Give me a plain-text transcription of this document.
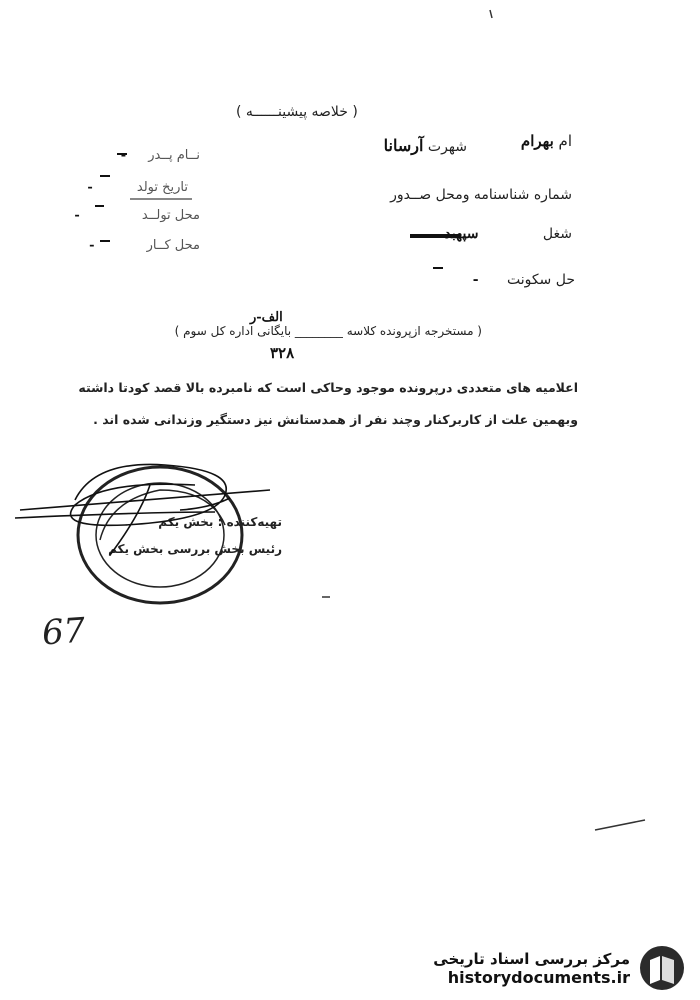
( خلاصه پیشینــــــه )
ام بهرام
شهرت آرسانا
شماره شناسنامه ومحل صــدور
شغل سپهبد
حل سکونت -
نــام پــدر -
تاریخ تولد -
محل تولــد -
محل کــار -
( مستخرجه ازپرونده کلاسه ________ بایگانی اداره کل سوم )
الف-ر
۳۲۸
اعلامیه های متعددی درپرونده موجود وحاکی است که نامبرده بالا قصد کودتا داشته
وبهمین علت از کاربرکنار وچند نفر از همدستانش نیز دستگیر وزندانی شده اند .
تهیه‌کننده : بخش یکم
رئیس بخش بررسی بخش یکم
67
مرکز بررسی اسناد تاریخی
historydocuments.ir
